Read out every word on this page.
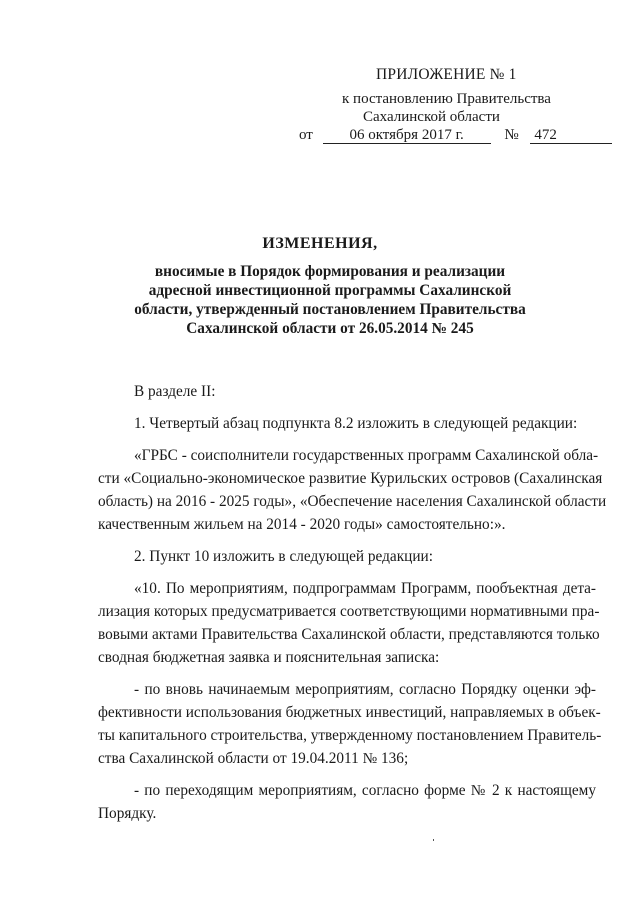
ПРИЛОЖЕНИЕ № 1
к постановлению Правительства
Сахалинской области
от 06 октября 2017 г.	№ 472
ИЗМЕНЕНИЯ,
вносимые в Порядок формирования и реализации
адресной инвестиционной программы Сахалинской
области, утвержденный постановлением Правительства
Сахалинской области от 26.05.2014 № 245

В разделе II:

1. Четвертый абзац подпункта 8.2 изложить в следующей редакции:

«ГРБС - соисполнители государственных программ Сахалинской обла-
сти «Социально-экономическое развитие Курильских островов (Сахалинская
область) на 2016 - 2025 годы», «Обеспечение населения Сахалинской области
качественным жильем на 2014 - 2020 годы» самостоятельно:».

2. Пункт 10 изложить в следующей редакции:

«10. По мероприятиям, подпрограммам Программ, пообъектная детa-
лизация которых предусматривается соответствующими нормативными пра-
вовыми актами Правительства Сахалинской области, представляются только
сводная бюджетная заявка и пояснительная записка:

- по вновь начинаемым мероприятиям, согласно Порядку оценки эф-
фективности использования бюджетных инвестиций, направляемых в объек-
ты капитального строительства, утвержденному постановлением Правитель-
ства Сахалинской области от 19.04.2011 № 136;

- по переходящим мероприятиям, согласно форме № 2 к настоящему
Порядку.
